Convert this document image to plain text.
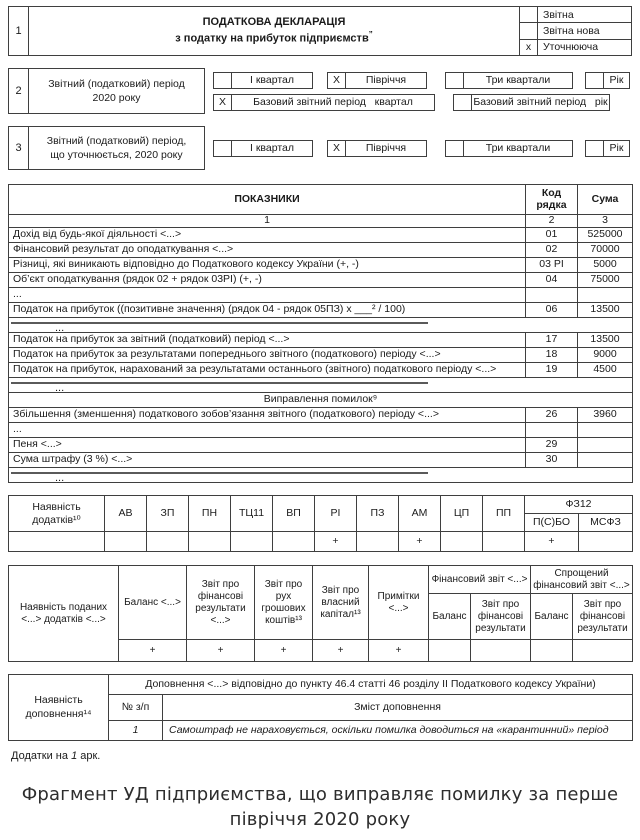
1
ПОДАТКОВА ДЕКЛАРАЦІЯ
з податку на прибуток підприємств”
Звітна
Звітна нова
х	Уточнююча
2
Звітний (податковий) період 2020 року
І квартал	X	Півріччя	Три квартали	Рік
X	Базовий звітний період   квартал	Базовий звітний період   рік
3
Звітний (податковий) період, що уточнюється, 2020 року
І квартал	X	Півріччя	Три квартали	Рік
ПОКАЗНИКИ	Код рядка	Сума
1	2	3
Дохід від будь-якої діяльності <...>	01	525000
Фінансовий результат до оподаткування <...>	02	70000
Різниці, які виникають відповідно до Податкового кодексу України (+, -)	03 РІ	5000
Об’єкт оподаткування (рядок 02 + рядок 03РІ) (+, -)	04	75000
...		
Податок на прибуток ((позитивне значення) (рядок 04 - рядок 05ПЗ) х ___² / 100)	06	13500

...		

Податок на прибуток за звітний (податковий) період <...>	17	13500
Податок на прибуток за результатами попереднього звітного (податкового) періоду <...>	18	9000
Податок на прибуток, нарахований за результатами останнього (звітного) податкового періоду <...>	19	4500

...		

Виправлення помилок⁹		
Збільшення (зменшення) податкового зобов’язання звітного (податкового) періоду <...>	26	3960
...		
Пеня <...>	29	
Сума штрафу (3 %) <...>	30	

...		
Наявність додатків¹⁰	АВ	ЗП	ПН	ТЦ11	ВП	РІ	ПЗ	АМ	ЦП	ПП	ФЗ12	
											П(С)БО	МСФЗ
						+		+			+	
Наявність поданих <...> додатків <...>	Баланс <...>	Звіт про фінансові результати <...>	Звіт про рух грошових коштів¹³	Звіт про власний капітал¹³	Примітки <...>	Фінансовий звіт <...>		Спрощений фінансовий звіт <...>	
						Баланс	Звіт про фінансові результати	Баланс	Звіт про фінансові результати
	+	+	+	+	+				
Наявність доповнення¹⁴	Доповнення <...> відповідно до пункту 46.4 статті 46 розділу ІІ Податкового кодексу України)	
	№ з/п	Зміст доповнення
	1	Самоштраф не нараховується, оскільки помилка доводиться на «карантинний» період
Додатки на 1 арк.
Фрагмент УД підприємства, що виправляє помилку за перше півріччя 2020 року
